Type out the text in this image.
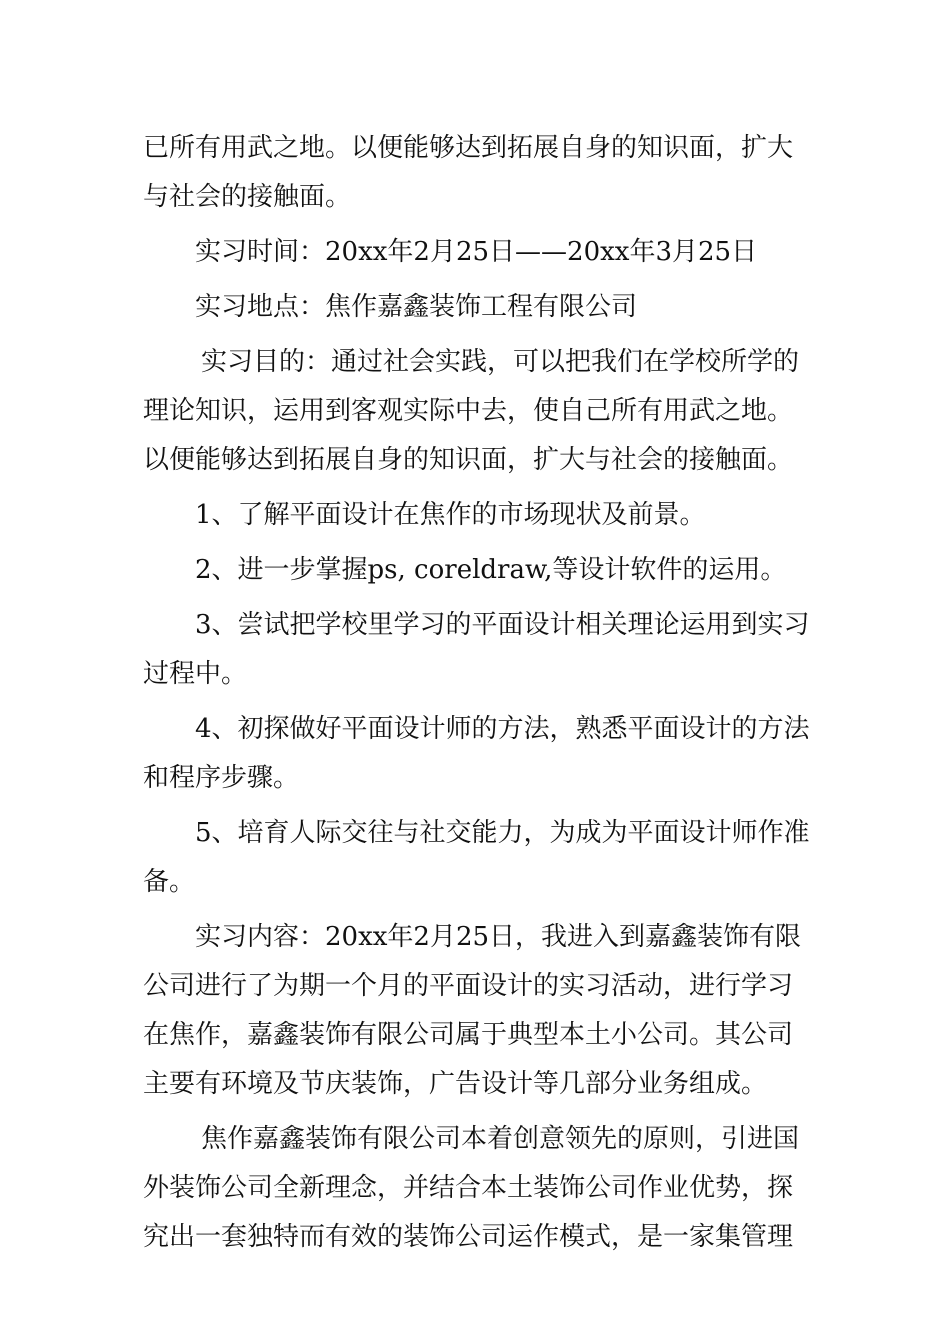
已所有用武之地。以便能够达到拓展自身的知识面，扩大与社会的接触面。

实习时间：20xx年2月25日——20xx年3月25日

实习地点：焦作嘉鑫装饰工程有限公司

实习目的：通过社会实践，可以把我们在学校所学的理论知识，运用到客观实际中去，使自己所有用武之地。以便能够达到拓展自身的知识面，扩大与社会的接触面。

1、了解平面设计在焦作的市场现状及前景。

2、进一步掌握ps, coreldraw,等设计软件的运用。

3、尝试把学校里学习的平面设计相关理论运用到实习过程中。

4、初探做好平面设计师的方法，熟悉平面设计的方法和程序步骤。

5、培育人际交往与社交能力，为成为平面设计师作准备。

实习内容：20xx年2月25日，我进入到嘉鑫装饰有限公司进行了为期一个月的平面设计的实习活动，进行学习在焦作，嘉鑫装饰有限公司属于典型本土小公司。其公司主要有环境及节庆装饰，广告设计等几部分业务组成。

焦作嘉鑫装饰有限公司本着创意领先的原则，引进国外装饰公司全新理念，并结合本土装饰公司作业优势，探究出一套独特而有效的装饰公司运作模式，是一家集管理
